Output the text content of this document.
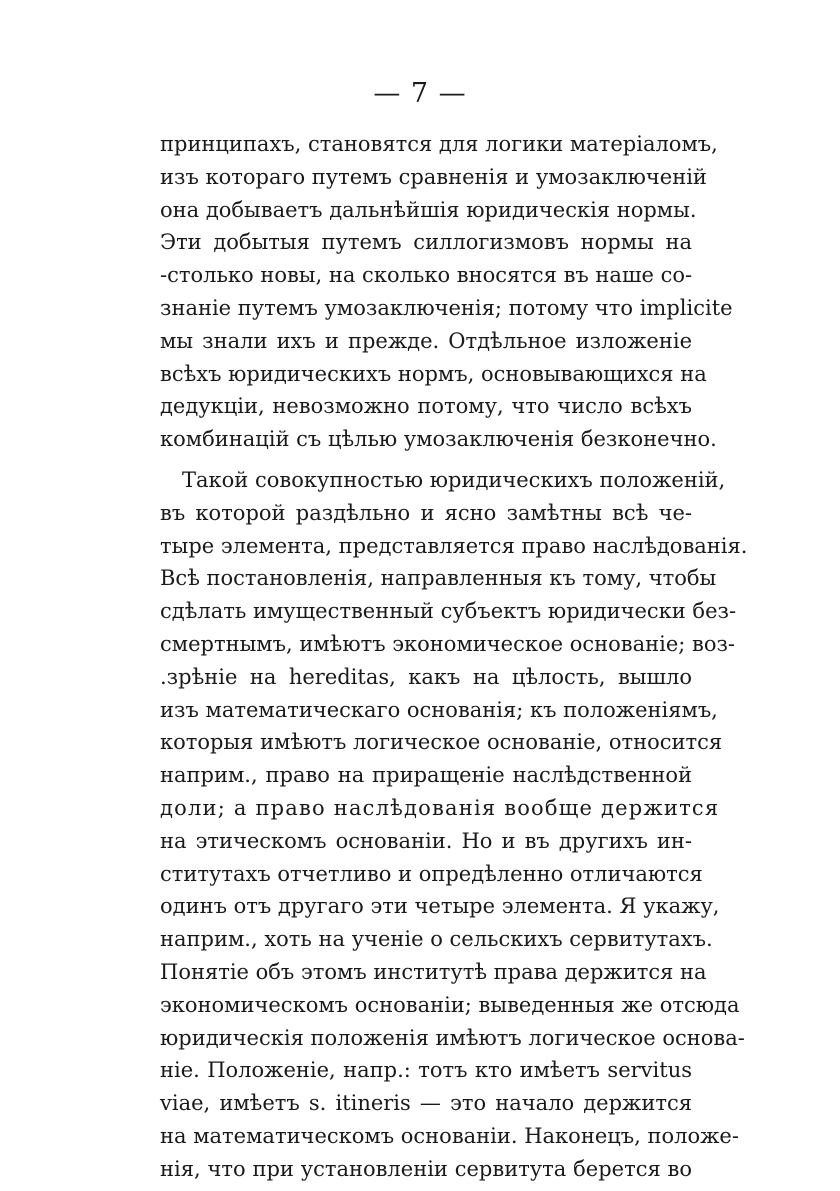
— 7 —
принципахъ, становятся для логики матеріаломъ,
изъ котораго путемъ сравненія и умозаключеній
она добываетъ дальнѣйшія юридическія нормы.
Эти добытыя путемъ силлогизмовъ нормы на
-столько новы, на сколько вносятся въ наше со-
знаніе путемъ умозаключенія; потому что implicite
мы знали ихъ и прежде. Отдѣльное изложеніе
всѣхъ юридическихъ нормъ, основывающихся на
дедукціи, невозможно потому, что число всѣхъ
комбинацій съ цѣлью умозаключенія безконечно.
Такой совокупностью юридическихъ положеній,
въ которой раздѣльно и ясно замѣтны всѣ че-
тыре элемента, представляется право наслѣдованія.
Всѣ постановленія, направленныя къ тому, чтобы
сдѣлать имущественный субъектъ юридически без-
смертнымъ, имѣютъ экономическое основаніе; воз-
.зрѣніе на hereditas, какъ на цѣлость, вышло
изъ математическаго основанія; къ положеніямъ,
которыя имѣютъ логическое основаніе, относится
наприм., право на приращеніе наслѣдственной
доли; а право наслѣдованія вообще держится
на этическомъ основаніи. Но и въ другихъ ин-
ститутахъ отчетливо и опредѣленно отличаются
одинъ отъ другаго эти четыре элемента. Я укажу,
наприм., хоть на ученіе о сельскихъ сервитутахъ.
Понятіе объ этомъ институтѣ права держится на
экономическомъ основаніи; выведенныя же отсюда
юридическія положенія имѣютъ логическое основа-
ніе. Положеніе, напр.: тотъ кто имѣетъ servitus
viae, имѣетъ s. itineris — это начало держится
на математическомъ основаніи. Наконецъ, положе-
нія, что при установленіи сервитута берется во
